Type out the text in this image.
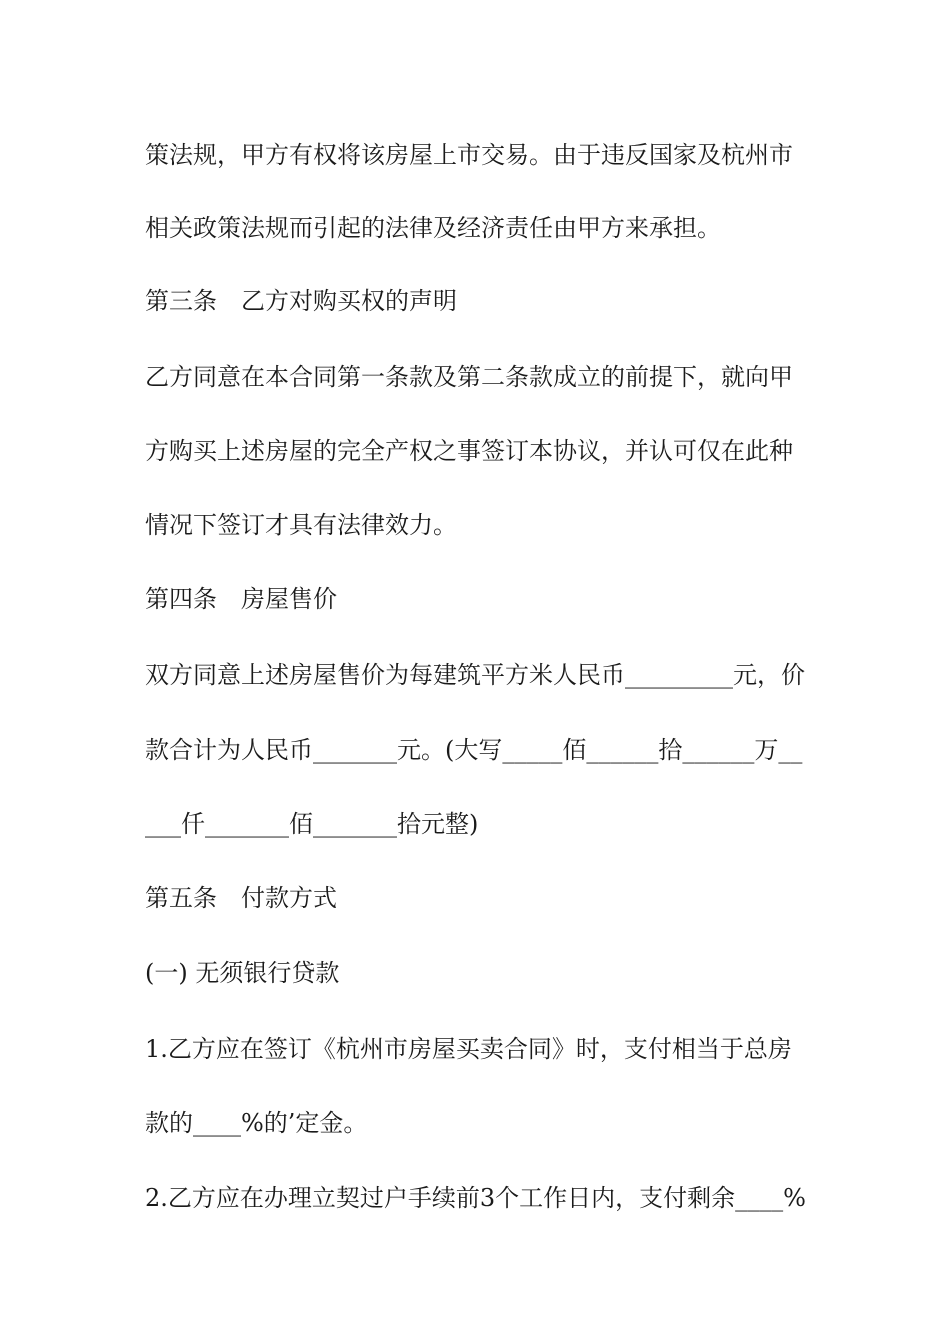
策法规，甲方有权将该房屋上市交易。由于违反国家及杭州市
相关政策法规而引起的法律及经济责任由甲方来承担。
第三条　乙方对购买权的声明
乙方同意在本合同第一条款及第二条款成立的前提下，就向甲
方购买上述房屋的完全产权之事签订本协议，并认可仅在此种
情况下签订才具有法律效力。
第四条　房屋售价
双方同意上述房屋售价为每建筑平方米人民币_________元，价
款合计为人民币_______元。(大写_____佰______拾______万__
___仟_______佰_______拾元整)
第五条　付款方式
(一) 无须银行贷款
1.乙方应在签订《杭州市房屋买卖合同》时，支付相当于总房
款的____%的’定金。
2.乙方应在办理立契过户手续前3个工作日内，支付剩余____%
